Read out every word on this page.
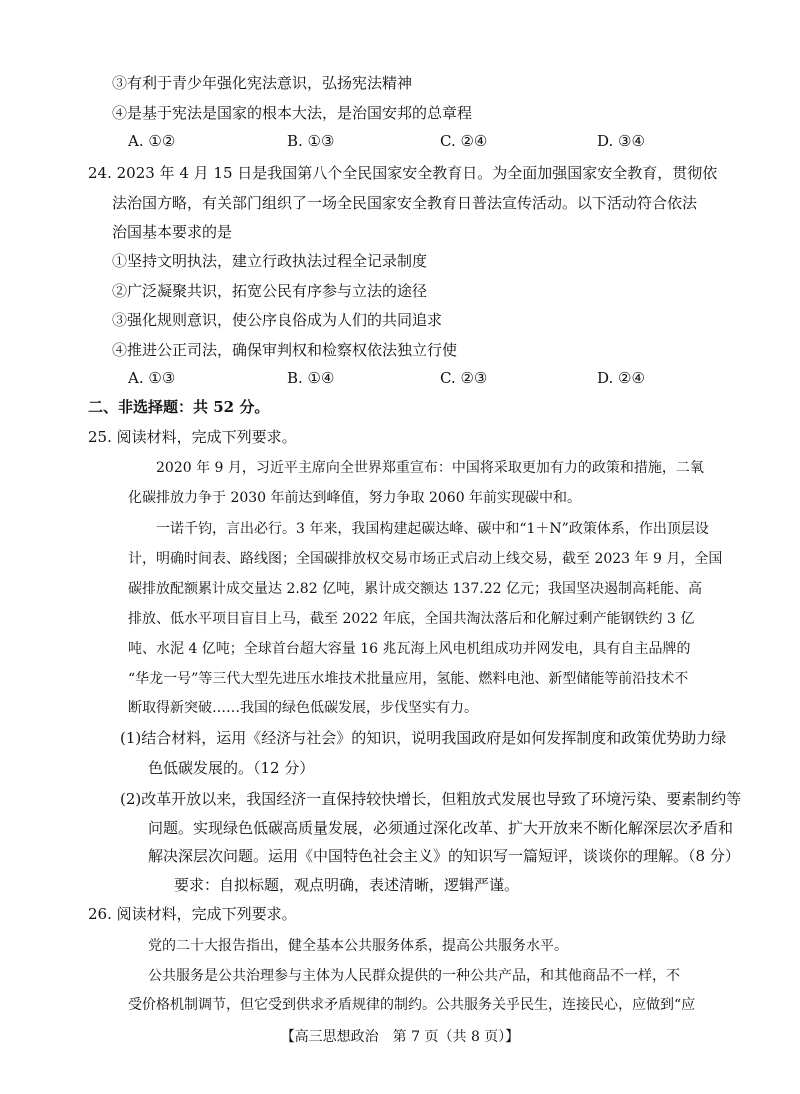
③有利于青少年强化宪法意识，弘扬宪法精神
④是基于宪法是国家的根本大法，是治国安邦的总章程
A. ①②	B. ①③	C. ②④	D. ③④
24. 2023 年 4 月 15 日是我国第八个全民国家安全教育日。为全面加强国家安全教育，贯彻依
法治国方略，有关部门组织了一场全民国家安全教育日普法宣传活动。以下活动符合依法
治国基本要求的是
①坚持文明执法，建立行政执法过程全记录制度
②广泛凝聚共识，拓宽公民有序参与立法的途径
③强化规则意识，使公序良俗成为人们的共同追求
④推进公正司法，确保审判权和检察权依法独立行使
A. ①③	B. ①④	C. ②③	D. ②④
二、非选择题：共 52 分。
25. 阅读材料，完成下列要求。
2020 年 9 月，习近平主席向全世界郑重宣布：中国将采取更加有力的政策和措施，二氧
化碳排放力争于 2030 年前达到峰值，努力争取 2060 年前实现碳中和。
一诺千钧，言出必行。3 年来，我国构建起碳达峰、碳中和“1＋N”政策体系，作出顶层设
计，明确时间表、路线图；全国碳排放权交易市场正式启动上线交易，截至 2023 年 9 月，全国
碳排放配额累计成交量达 2.82 亿吨，累计成交额达 137.22 亿元；我国坚决遏制高耗能、高
排放、低水平项目盲目上马，截至 2022 年底，全国共淘汰落后和化解过剩产能钢铁约 3 亿
吨、水泥 4 亿吨；全球首台超大容量 16 兆瓦海上风电机组成功并网发电，具有自主品牌的
“华龙一号”等三代大型先进压水堆技术批量应用，氢能、燃料电池、新型储能等前沿技术不
断取得新突破……我国的绿色低碳发展，步伐坚实有力。
(1)结合材料，运用《经济与社会》的知识，说明我国政府是如何发挥制度和政策优势助力绿
色低碳发展的。（12 分）
(2)改革开放以来，我国经济一直保持较快增长，但粗放式发展也导致了环境污染、要素制约等
问题。实现绿色低碳高质量发展，必须通过深化改革、扩大开放来不断化解深层次矛盾和
解决深层次问题。运用《中国特色社会主义》的知识写一篇短评，谈谈你的理解。（8 分）
要求：自拟标题，观点明确，表述清晰，逻辑严谨。
26. 阅读材料，完成下列要求。
党的二十大报告指出，健全基本公共服务体系，提高公共服务水平。
公共服务是公共治理参与主体为人民群众提供的一种公共产品，和其他商品不一样，不
受价格机制调节，但它受到供求矛盾规律的制约。公共服务关乎民生，连接民心，应做到“应
【高三思想政治　第 7 页（共 8 页）】
